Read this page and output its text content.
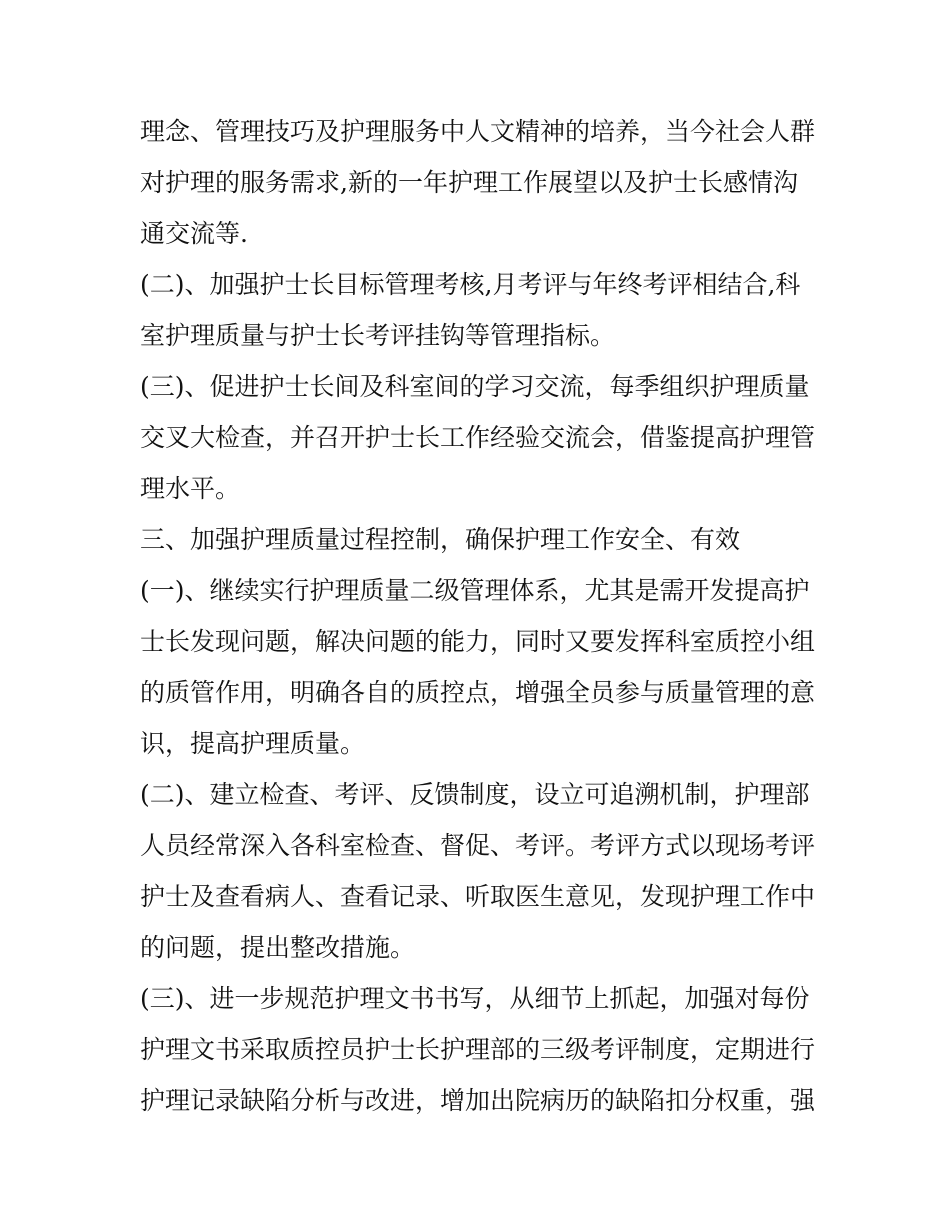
理念、管理技巧及护理服务中人文精神的培养，当今社会人群
对护理的服务需求,新的一年护理工作展望以及护士长感情沟
通交流等.
(二)、加强护士长目标管理考核,月考评与年终考评相结合,科
室护理质量与护士长考评挂钩等管理指标。
(三)、促进护士长间及科室间的学习交流，每季组织护理质量
交叉大检查，并召开护士长工作经验交流会，借鉴提高护理管
理水平。
三、加强护理质量过程控制，确保护理工作安全、有效
(一)、继续实行护理质量二级管理体系，尤其是需开发提高护
士长发现问题，解决问题的能力，同时又要发挥科室质控小组
的质管作用，明确各自的质控点，增强全员参与质量管理的意
识，提高护理质量。
(二)、建立检查、考评、反馈制度，设立可追溯机制，护理部
人员经常深入各科室检查、督促、考评。考评方式以现场考评
护士及查看病人、查看记录、听取医生意见，发现护理工作中
的问题，提出整改措施。
(三)、进一步规范护理文书书写，从细节上抓起，加强对每份
护理文书采取质控员护士长护理部的三级考评制度，定期进行
护理记录缺陷分析与改进，增加出院病历的缺陷扣分权重，强
